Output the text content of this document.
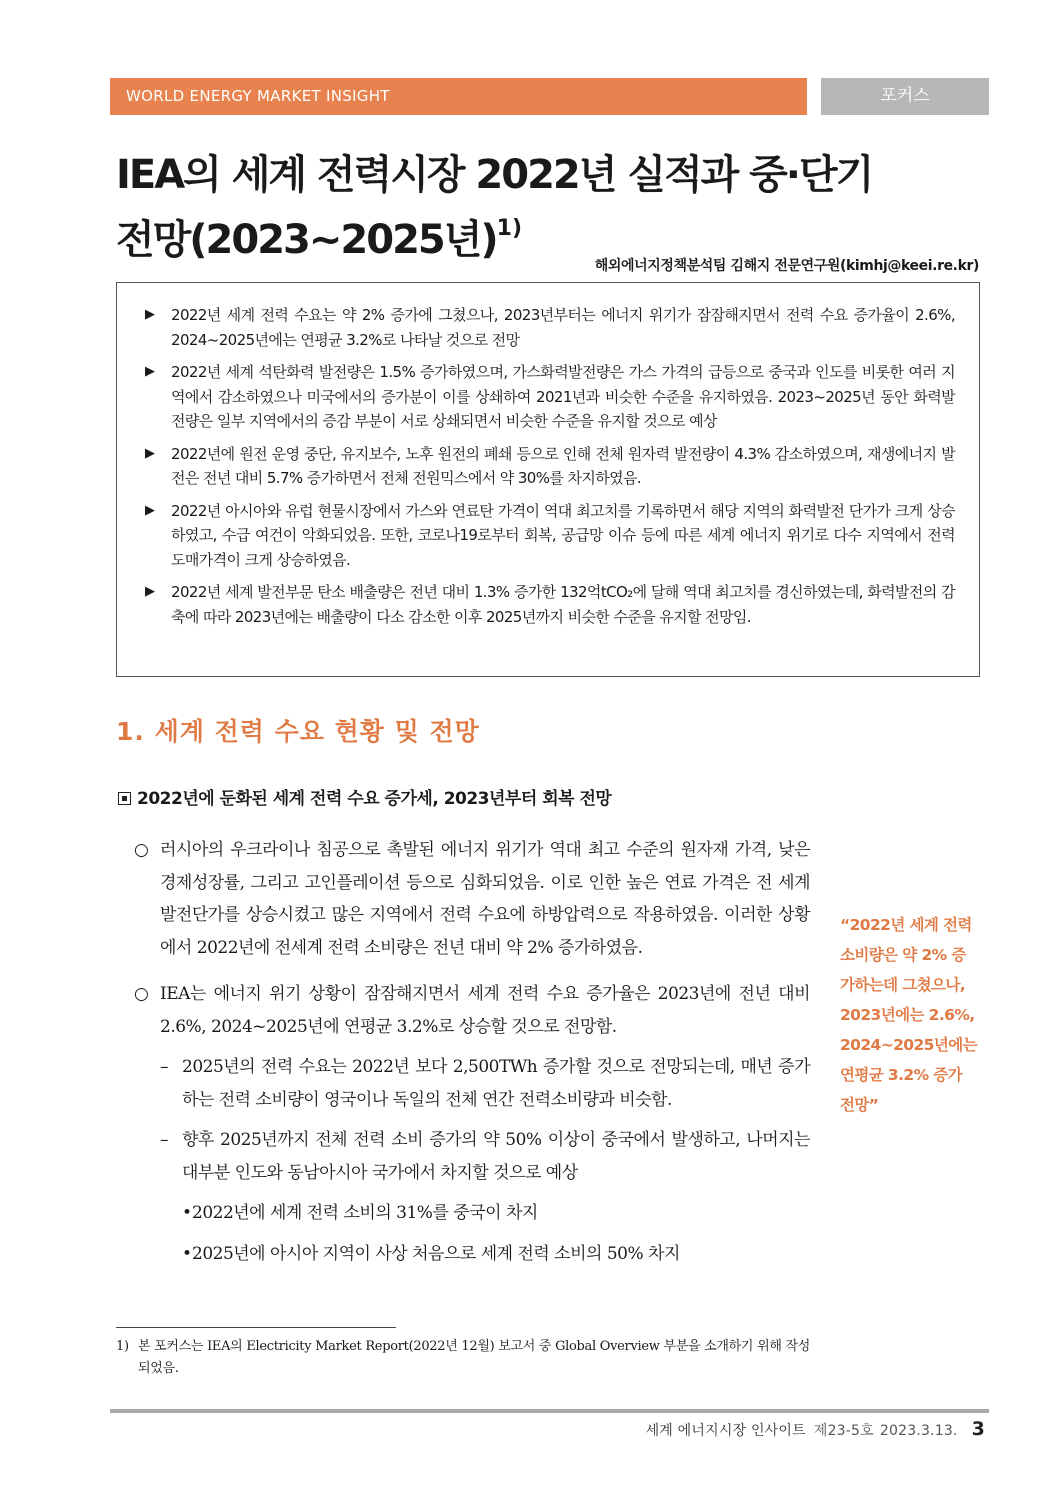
WORLD ENERGY MARKET INSIGHT	포커스
IEA의 세계 전력시장 2022년 실적과 중·단기
전망(2023~2025년)$^{1)}$
해외에너지정책분석팀 김해지 전문연구원(kimhj@keei.re.kr)
▶ 2022년 세계 전력 수요는 약 2% 증가에 그쳤으나, 2023년부터는 에너지 위기가 잠잠해지면서 전력 수요 증가율이 2.6%, 2024~2025년에는 연평균 3.2%로 나타날 것으로 전망
▶ 2022년 세계 석탄화력 발전량은 1.5% 증가하였으며, 가스화력발전량은 가스 가격의 급등으로 중국과 인도를 비롯한 여러 지역에서 감소하였으나 미국에서의 증가분이 이를 상쇄하여 2021년과 비슷한 수준을 유지하였음. 2023~2025년 동안 화력발전량은 일부 지역에서의 증감 부분이 서로 상쇄되면서 비슷한 수준을 유지할 것으로 예상
▶ 2022년에 원전 운영 중단, 유지보수, 노후 원전의 폐쇄 등으로 인해 전체 원자력 발전량이 4.3% 감소하였으며, 재생에너지 발전은 전년 대비 5.7% 증가하면서 전체 전원믹스에서 약 30%를 차지하였음.
▶ 2022년 아시아와 유럽 현물시장에서 가스와 연료탄 가격이 역대 최고치를 기록하면서 해당 지역의 화력발전 단가가 크게 상승하였고, 수급 여건이 악화되었음. 또한, 코로나19로부터 회복, 공급망 이슈 등에 따른 세계 에너지 위기로 다수 지역에서 전력 도매가격이 크게 상승하였음.
▶ 2022년 세계 발전부문 탄소 배출량은 전년 대비 1.3% 증가한 132억tCO₂에 달해 역대 최고치를 경신하였는데, 화력발전의 감축에 따라 2023년에는 배출량이 다소 감소한 이후 2025년까지 비슷한 수준을 유지할 전망임.
1. 세계 전력 수요 현황 및 전망
2022년에 둔화된 세계 전력 수요 증가세, 2023년부터 회복 전망
○ 러시아의 우크라이나 침공으로 촉발된 에너지 위기가 역대 최고 수준의 원자재 가격, 낮은 경제성장률, 그리고 고인플레이션 등으로 심화되었음. 이로 인한 높은 연료 가격은 전 세계 발전단가를 상승시켰고 많은 지역에서 전력 수요에 하방압력으로 작용하였음. 이러한 상황에서 2022년에 전세계 전력 소비량은 전년 대비 약 2% 증가하였음.
○ IEA는 에너지 위기 상황이 잠잠해지면서 세계 전력 수요 증가율은 2023년에 전년 대비 2.6%, 2024~2025년에 연평균 3.2%로 상승할 것으로 전망함.
– 2025년의 전력 수요는 2022년 보다 2,500TWh 증가할 것으로 전망되는데, 매년 증가하는 전력 소비량이 영국이나 독일의 전체 연간 전력소비량과 비슷함.
– 향후 2025년까지 전체 전력 소비 증가의 약 50% 이상이 중국에서 발생하고, 나머지는 대부분 인도와 동남아시아 국가에서 차지할 것으로 예상
• 2022년에 세계 전력 소비의 31%를 중국이 차지
• 2025년에 아시아 지역이 사상 처음으로 세계 전력 소비의 50% 차지
“2022년 세계 전력 소비량은 약 2% 증가하는데 그쳤으나, 2023년에는 2.6%, 2024~2025년에는 연평균 3.2% 증가 전망”
1) 본 포커스는 IEA의 Electricity Market Report(2022년 12월) 보고서 중 Global Overview 부분을 소개하기 위해 작성되었음.
세계 에너지시장 인사이트 제23-5호 2023.3.13. 3
